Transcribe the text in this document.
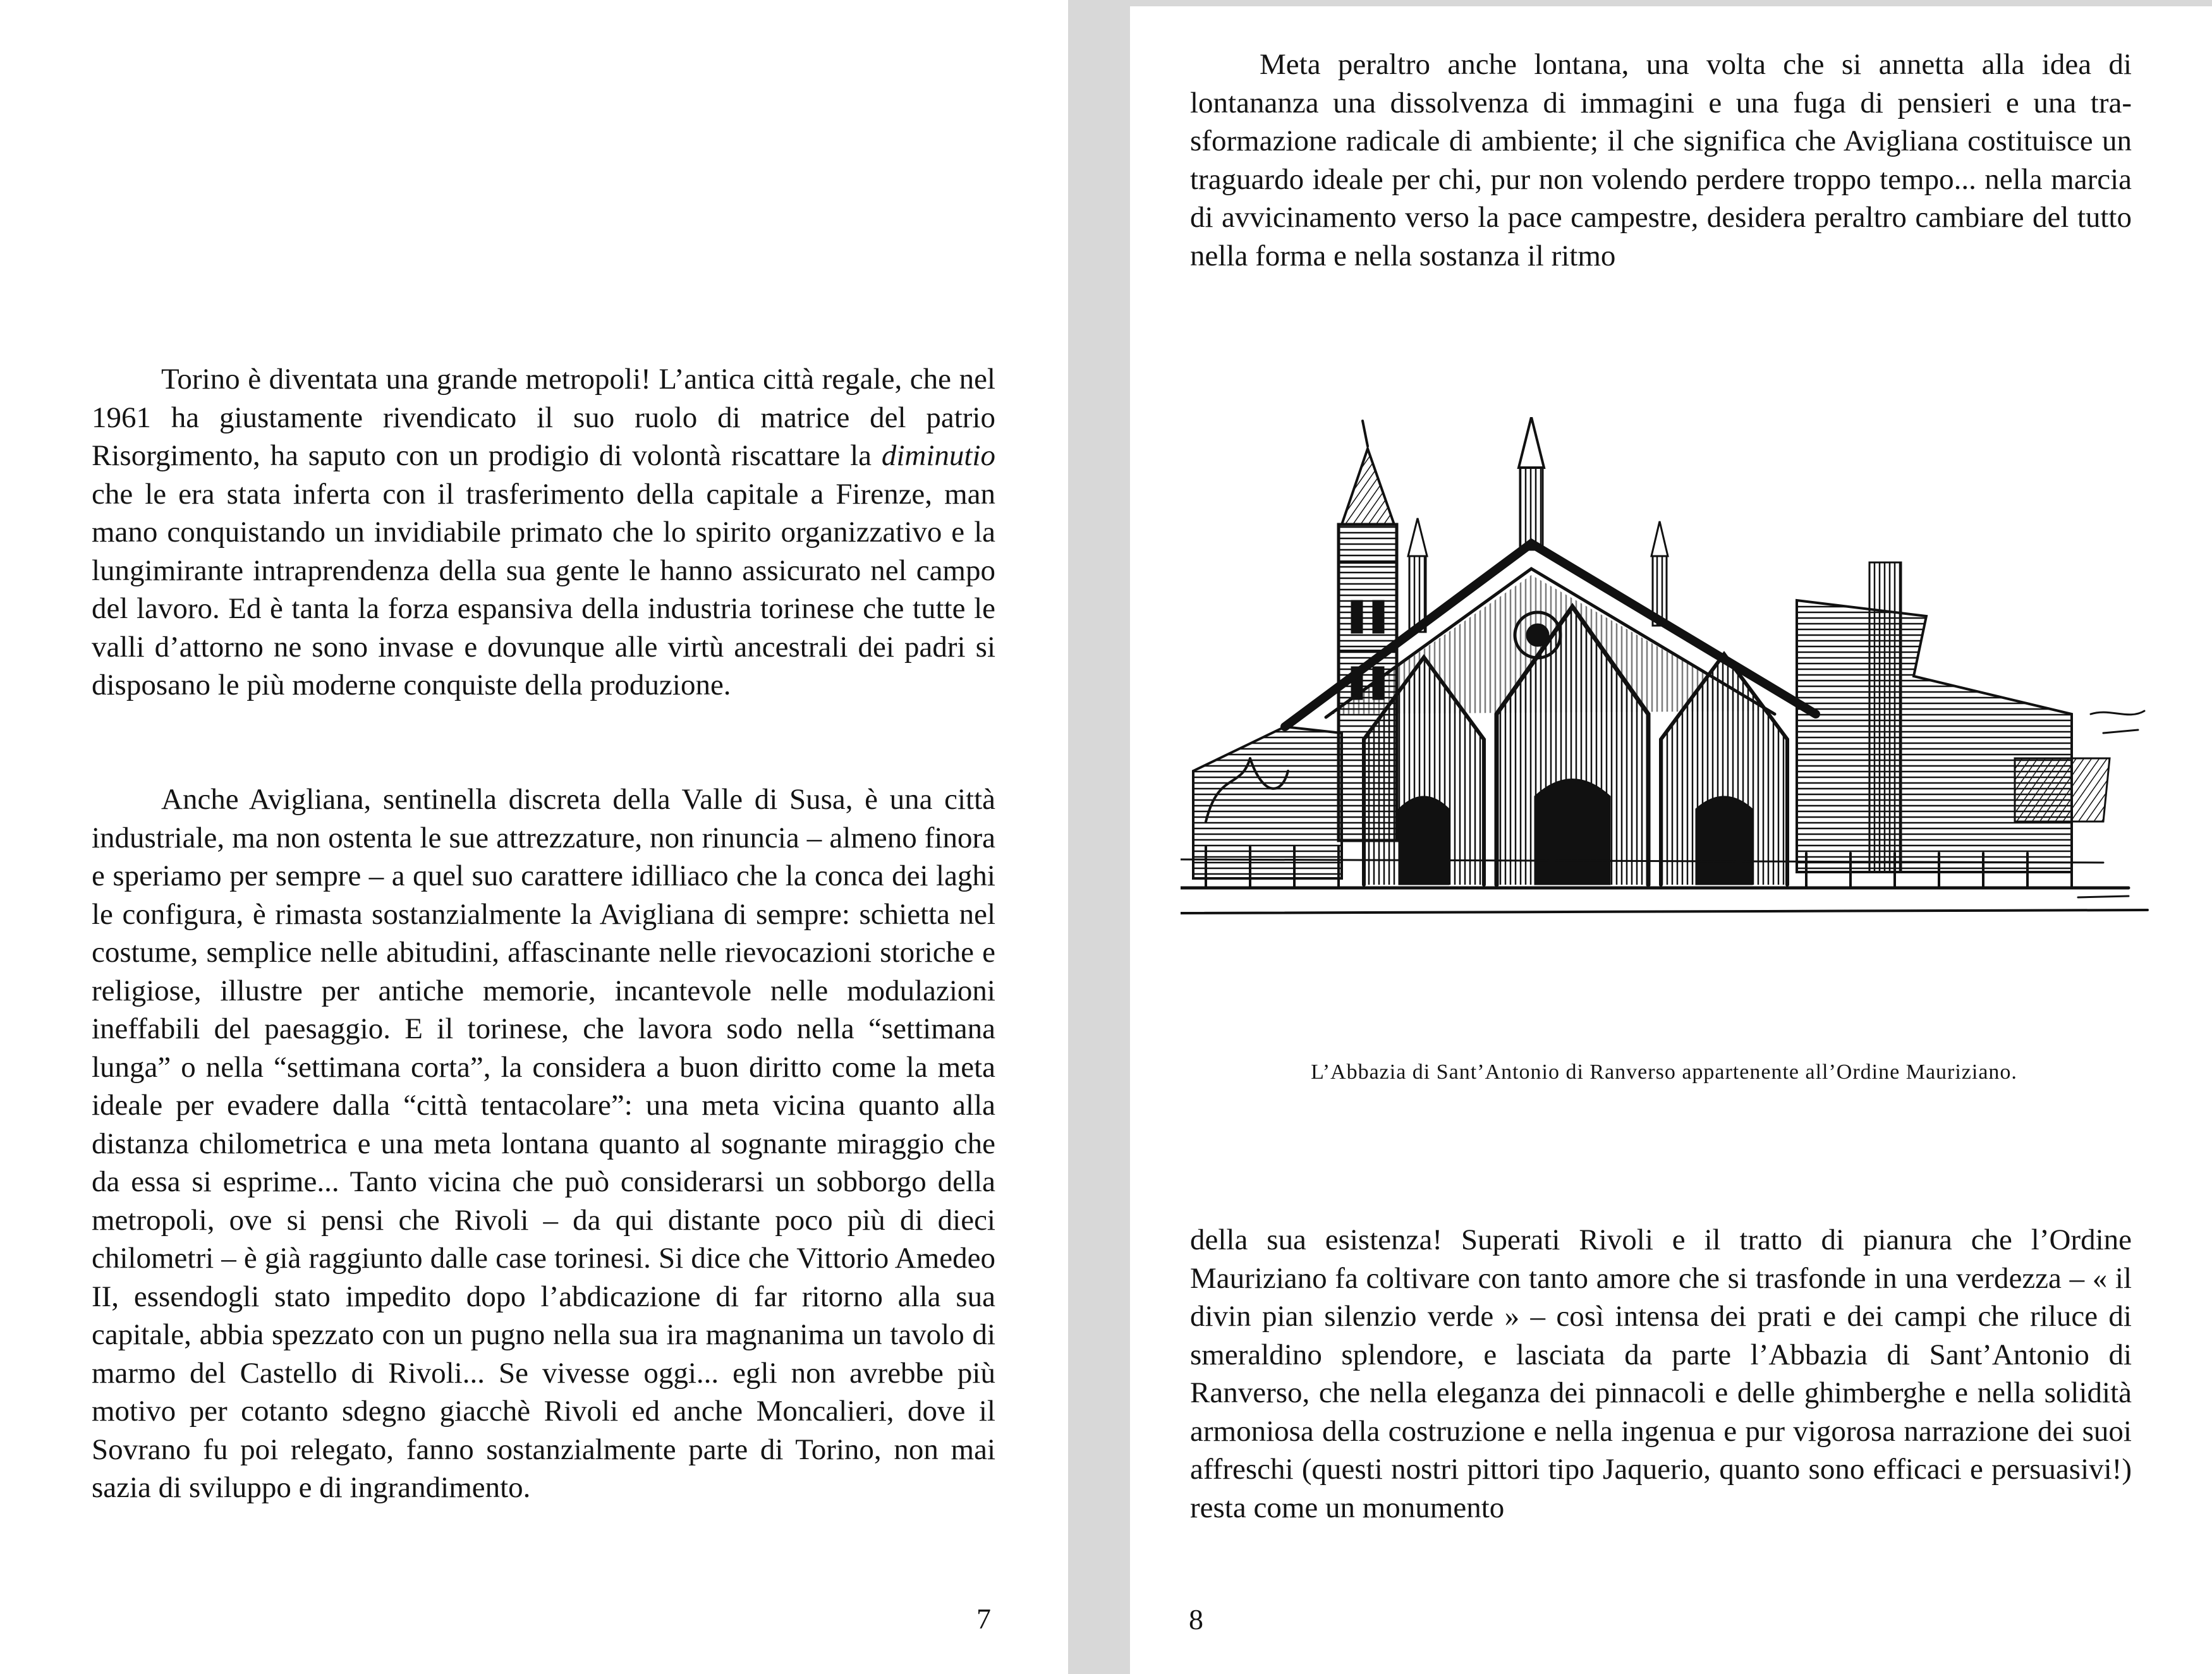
Torino è diventata una grande metropoli! L’antica città regale, che nel 1961 ha giustamente rivendicato il suo ruolo di matrice del patrio Risorgimento, ha saputo con un prodigio di volontà riscattare la diminutio che le era stata inferta con il trasferimento della capitale a Firenze, man mano conquistando un invidiabile primato che lo spirito organizzativo e la lungimirante intraprendenza della sua gente le hanno assicurato nel campo del lavoro. Ed è tanta la forza espansiva della industria torinese che tutte le valli d’attorno ne sono invase e dovunque alle virtù ancestrali dei padri si disposano le più moderne conquiste della produzione.

Anche Avigliana, sentinella discreta della Valle di Susa, è una città industriale, ma non ostenta le sue attrezzature, non rinuncia – almeno finora e speriamo per sempre – a quel suo carattere idilliaco che la conca dei laghi le configura, è rimasta sostanzialmente la Avigliana di sempre: schietta nel costume, semplice nelle abitudini, affascinante nelle rievocazioni storiche e religiose, illustre per antiche memorie, incantevole nelle modulazioni ineffabili del paesaggio. E il torinese, che lavora sodo nella “settimana lunga” o nella “settimana corta”, la considera a buon diritto come la meta ideale per evadere dalla “città tentacolare”: una meta vicina quanto alla distanza chilometrica e una meta lontana quanto al sognante miraggio che da essa si esprime... Tanto vicina che può considerarsi un sobborgo della metropoli, ove si pensi che Rivoli – da qui distante poco più di dieci chilometri – è già raggiunto dalle case torinesi. Si dice che Vittorio Amedeo II, essendogli stato impedito dopo l’abdicazione di far ritorno alla sua capitale, abbia spezzato con un pugno nella sua ira magnanima un tavolo di marmo del Castello di Rivoli... Se vivesse oggi... egli non avrebbe più motivo per cotanto sdegno giacchè Rivoli ed anche Moncalieri, dove il Sovrano fu poi relegato, fanno sostanzialmente parte di Torino, non mai sazia di sviluppo e di ingrandimento.

7

Meta peraltro anche lontana, una volta che si annetta alla idea di lontananza una dissolvenza di immagini e una fuga di pensieri e una trasformazione radicale di ambiente; il che significa che Avigliana costituisce un traguardo ideale per chi, pur non volendo perdere troppo tempo... nella marcia di avvicinamento verso la pace campestre, desidera peraltro cambiare del tutto nella forma e nella sostanza il ritmo

L’Abbazia di Sant’Antonio di Ranverso appartenente all’Ordine Mauriziano.

della sua esistenza! Superati Rivoli e il tratto di pianura che l’Ordine Mauriziano fa coltivare con tanto amore che si trasfonde in una verdezza – « il divin pian silenzio verde » – così intensa dei prati e dei campi che riluce di smeraldino splendore, e lasciata da parte l’Abbazia di Sant’Antonio di Ranverso, che nella eleganza dei pinnacoli e delle ghimberghe e nella solidità armoniosa della costruzione e nella ingenua e pur vigorosa narrazione dei suoi affreschi (questi nostri pittori tipo Jaquerio, quanto sono efficaci e persuasivi!) resta come un monumento

8
